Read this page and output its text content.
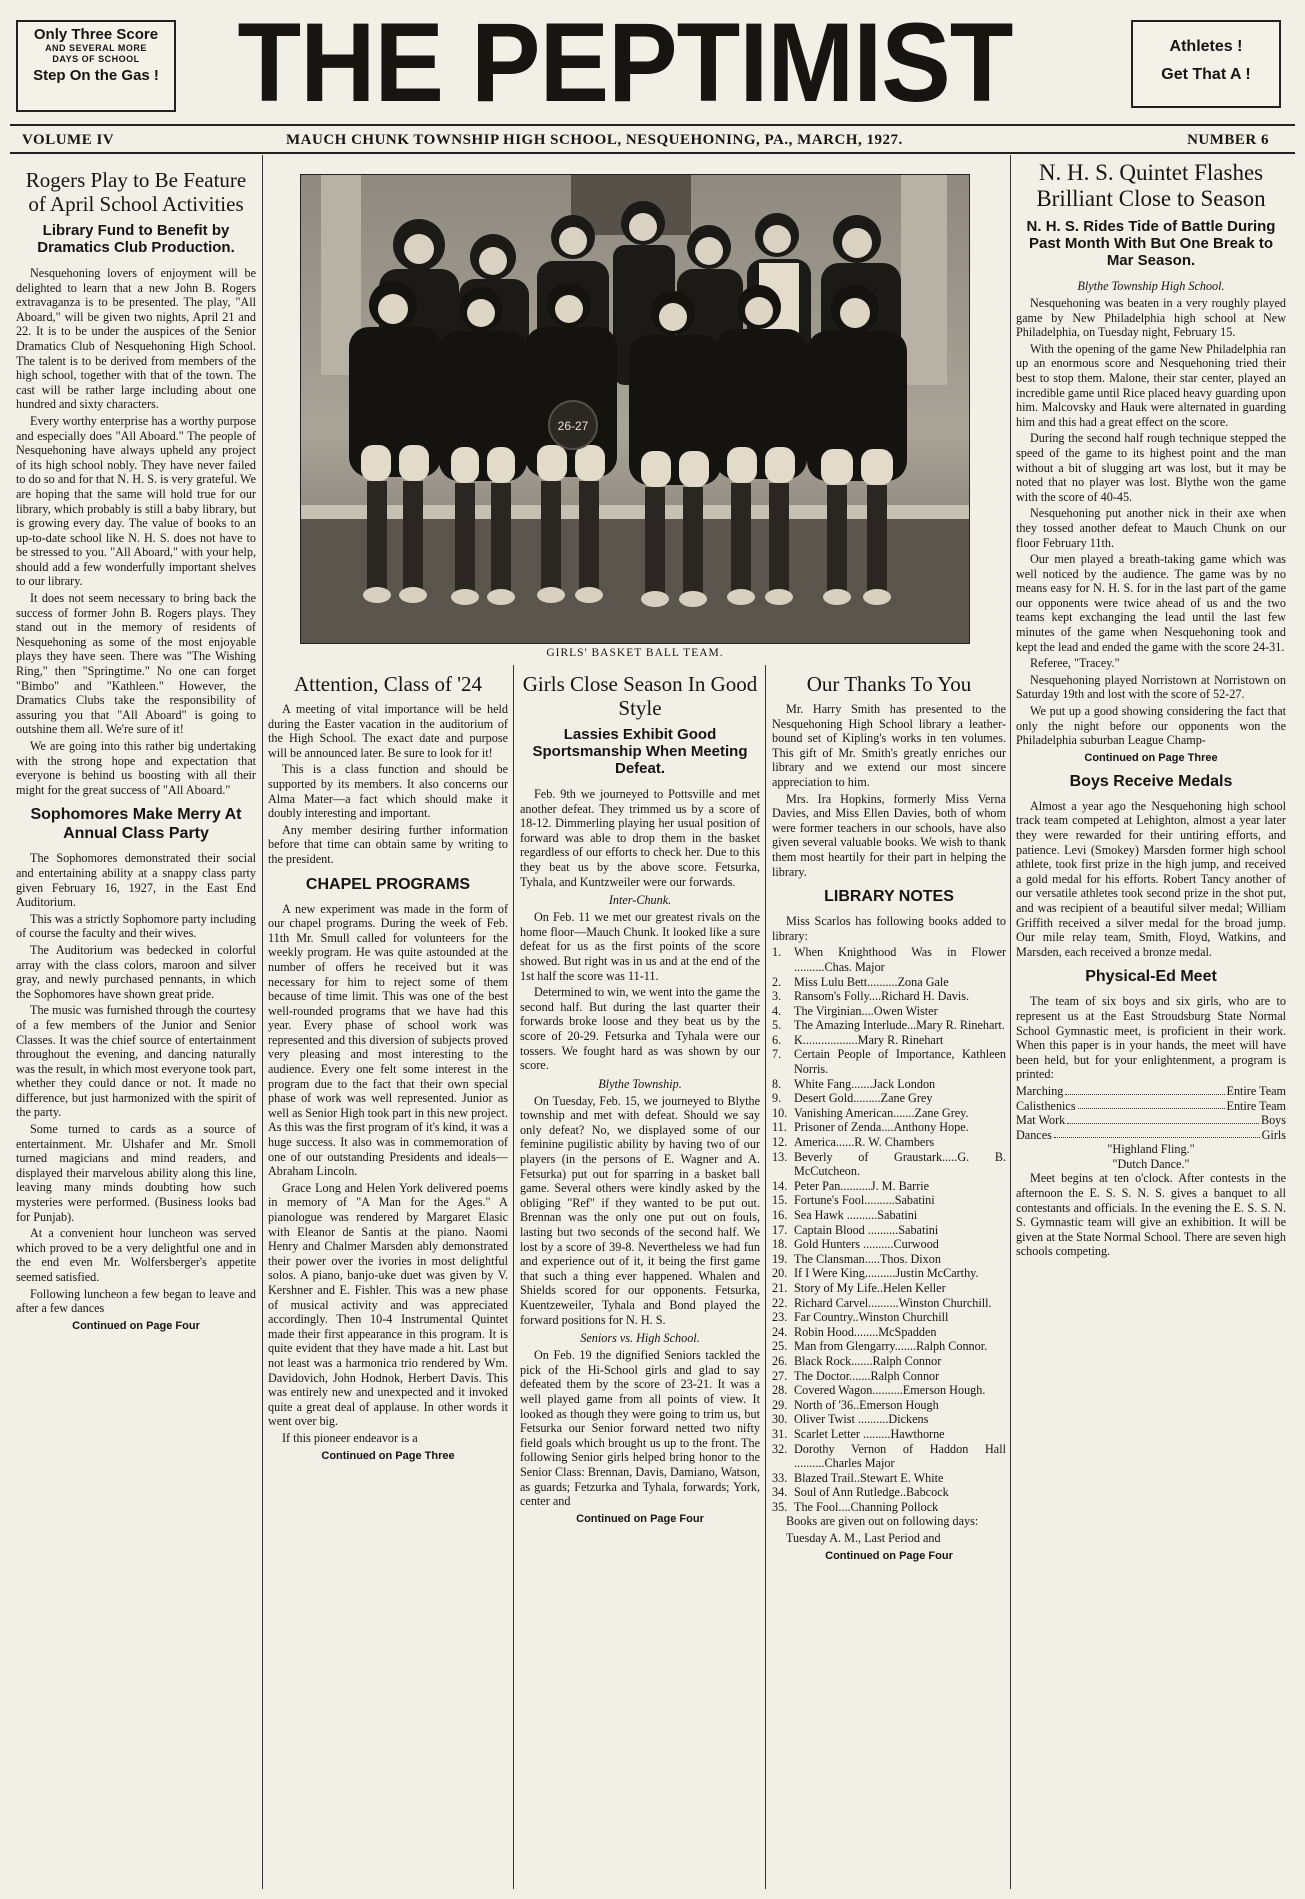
Only Three Score
AND SEVERAL MORE
DAYS OF SCHOOL
Step On the Gas ! THE PEPTIMIST	Athletes !
Get That A !
VOLUME IV	MAUCH CHUNK TOWNSHIP HIGH SCHOOL, NESQUEHONING, PA., MARCH, 1927.	NUMBER 6
26-27
GIRLS' BASKET BALL TEAM.
Rogers Play to Be Feature of April School Activities
Library Fund to Benefit by Dramatics Club Production.

Nesquehoning lovers of enjoyment will be delighted to learn that a new John B. Rogers extravaganza is to be presented. The play, "All Aboard," will be given two nights, April 21 and 22. It is to be under the auspices of the Senior Dramatics Club of Nesquehoning High School. The talent is to be derived from members of the high school, together with that of the town. The cast will be rather large including about one hundred and sixty characters.

Every worthy enterprise has a worthy purpose and especially does "All Aboard." The people of Nesquehoning have always upheld any project of its high school nobly. They have never failed to do so and for that N. H. S. is very grateful. We are hoping that the same will hold true for our library, which probably is still a baby library, but is growing every day. The value of books to an up-to-date school like N. H. S. does not have to be stressed to you. "All Aboard," with your help, should add a few wonderfully important shelves to our library.

It does not seem necessary to bring back the success of former John B. Rogers plays. They stand out in the memory of residents of Nesquehoning as some of the most enjoyable plays they have seen. There was "The Wishing Ring," then "Springtime." No one can forget "Bimbo" and "Kathleen." However, the Dramatics Clubs take the responsibility of assuring you that "All Aboard" is going to outshine them all. We're sure of it!

We are going into this rather big undertaking with the strong hope and expectation that everyone is behind us boosting with all their might for the great success of "All Aboard."

Sophomores Make Merry At Annual Class Party

The Sophomores demonstrated their social and entertaining ability at a snappy class party given February 16, 1927, in the East End Auditorium.

This was a strictly Sophomore party including of course the faculty and their wives.

The Auditorium was bedecked in colorful array with the class colors, maroon and silver gray, and newly purchased pennants, in which the Sophomores have shown great pride.

The music was furnished through the courtesy of a few members of the Junior and Senior Classes. It was the chief source of entertainment throughout the evening, and dancing naturally was the result, in which most everyone took part, whether they could dance or not. It made no difference, but just harmonized with the spirit of the party.

Some turned to cards as a source of entertainment. Mr. Ulshafer and Mr. Smoll turned magicians and mind readers, and displayed their marvelous ability along this line, leaving many minds doubting how such mysteries were performed. (Business looks bad for Punjab).

At a convenient hour luncheon was served which proved to be a very delightful one and in the end even Mr. Wolfersberger's appetite seemed satisfied.

Following luncheon a few began to leave and after a few dances

Continued on Page Four
Attention, Class of '24

A meeting of vital importance will be held during the Easter vacation in the auditorium of the High School. The exact date and purpose will be announced later. Be sure to look for it!

This is a class function and should be supported by its members. It also concerns our Alma Mater—a fact which should make it doubly interesting and important.

Any member desiring further information before that time can obtain same by writing to the president.

CHAPEL PROGRAMS

A new experiment was made in the form of our chapel programs. During the week of Feb. 11th Mr. Smull called for volunteers for the weekly program. He was quite astounded at the number of offers he received but it was necessary for him to reject some of them because of time limit. This was one of the best well-rounded programs that we have had this year. Every phase of school work was represented and this diversion of subjects proved very pleasing and most interesting to the audience. Every one felt some interest in the program due to the fact that their own special phase of work was well represented. Junior as well as Senior High took part in this new project. As this was the first program of it's kind, it was a huge success. It also was in commemoration of one of our outstanding Presidents and ideals—Abraham Lincoln.

Grace Long and Helen York delivered poems in memory of "A Man for the Ages." A pianologue was rendered by Margaret Elasic with Eleanor de Santis at the piano. Naomi Henry and Chalmer Marsden ably demonstrated their power over the ivories in most delightful solos. A piano, banjo-uke duet was given by V. Kershner and E. Fishler. This was a new phase of musical activity and was appreciated accordingly. Then 10-4 Instrumental Quintet made their first appearance in this program. It is quite evident that they have made a hit. Last but not least was a harmonica trio rendered by Wm. Davidovich, John Hodnok, Herbert Davis. This was entirely new and unexpected and it invoked quite a great deal of applause. In other words it went over big.

If this pioneer endeavor is a

Continued on Page Three
Girls Close Season In Good Style
Lassies Exhibit Good Sportsmanship When Meeting Defeat.

Feb. 9th we journeyed to Pottsville and met another defeat. They trimmed us by a score of 18-12. Dimmerling playing her usual position of forward was able to drop them in the basket regardless of our efforts to check her. Due to this they beat us by the above score. Fetsurka, Tyhala, and Kuntzweiler were our forwards.

Inter-Chunk.

On Feb. 11 we met our greatest rivals on the home floor—Mauch Chunk. It looked like a sure defeat for us as the first points of the score showed. But right was in us and at the end of the 1st half the score was 11-11.

Determined to win, we went into the game the second half. But during the last quarter their forwards broke loose and they beat us by the score of 20-29. Fetsurka and Tyhala were our tossers. We fought hard as was shown by our score.

Blythe Township.

On Tuesday, Feb. 15, we journeyed to Blythe township and met with defeat. Should we say only defeat? No, we displayed some of our feminine pugilistic ability by having two of our players (in the persons of E. Wagner and A. Fetsurka) put out for sparring in a basket ball game. Several others were kindly asked by the obliging "Ref" if they wanted to be put out. Brennan was the only one put out on fouls, lasting but two seconds of the second half. We lost by a score of 39-8. Nevertheless we had fun and experience out of it, it being the first game that such a thing ever happened. Whalen and Shields scored for our opponents. Fetsurka, Kuentzeweiler, Tyhala and Bond played the forward positions for N. H. S.

Seniors vs. High School.

On Feb. 19 the dignified Seniors tackled the pick of the Hi-School girls and glad to say defeated them by the score of 23-21. It was a well played game from all points of view. It looked as though they were going to trim us, but Fetsurka our Senior forward netted two nifty field goals which brought us up to the front. The following Senior girls helped bring honor to the Senior Class: Brennan, Davis, Damiano, Watson, as guards; Fetzurka and Tyhala, forwards; York, center and

Continued on Page Four
Our Thanks To You

Mr. Harry Smith has presented to the Nesquehoning High School library a leather-bound set of Kipling's works in ten volumes. This gift of Mr. Smith's greatly enriches our library and we extend our most sincere appreciation to him.

Mrs. Ira Hopkins, formerly Miss Verna Davies, and Miss Ellen Davies, both of whom were former teachers in our schools, have also given several valuable books. We wish to thank them most heartily for their part in helping the library.

LIBRARY NOTES

Miss Scarlos has following books added to library:

1. When Knighthood Was in Flower ..........Chas. Major

2. Miss Lulu Bett..........Zona Gale

3. Ransom's Folly....Richard H. Davis.

4. The Virginian....Owen Wister

5. The Amazing Interlude...Mary R. Rinehart.

6. K..................Mary R. Rinehart

7. Certain People of Importance, Kathleen Norris.

8. White Fang.......Jack London

9. Desert Gold.........Zane Grey

10. Vanishing American.......Zane Grey.

11. Prisoner of Zenda....Anthony Hope.

12. America......R. W. Chambers

13. Beverly of Graustark.....G. B. McCutcheon.

14. Peter Pan..........J. M. Barrie

15. Fortune's Fool..........Sabatini

16. Sea Hawk ..........Sabatini

17. Captain Blood ..........Sabatini

18. Gold Hunters ..........Curwood

19. The Clansman.....Thos. Dixon

20. If I Were King..........Justin McCarthy.

21. Story of My Life..Helen Keller

22. Richard Carvel..........Winston Churchill.

23. Far Country..Winston Churchill

24. Robin Hood........McSpadden

25. Man from Glengarry.......Ralph Connor.

26. Black Rock.......Ralph Connor

27. The Doctor.......Ralph Connor

28. Covered Wagon..........Emerson Hough.

29. North of '36..Emerson Hough

30. Oliver Twist ..........Dickens

31. Scarlet Letter .........Hawthorne

32. Dorothy Vernon of Haddon Hall ..........Charles Major

33. Blazed Trail..Stewart E. White

34. Soul of Ann Rutledge..Babcock

35. The Fool....Channing Pollock

Books are given out on following days:

Tuesday A. M., Last Period and

Continued on Page Four
N. H. S. Quintet Flashes Brilliant Close to Season
N. H. S. Rides Tide of Battle During Past Month With But One Break to Mar Season.
Blythe Township High School.

Nesquehoning was beaten in a very roughly played game by New Philadelphia high school at New Philadelphia, on Tuesday night, February 15.

With the opening of the game New Philadelphia ran up an enormous score and Nesquehoning tried their best to stop them. Malone, their star center, played an incredible game until Rice placed heavy guarding upon him. Malcovsky and Hauk were alternated in guarding him and this had a great effect on the score.

During the second half rough technique stepped the speed of the game to its highest point and the man without a bit of slugging art was lost, but it may be noted that no player was lost. Blythe won the game with the score of 40-45.

Nesquehoning put another nick in their axe when they tossed another defeat to Mauch Chunk on our floor February 11th.

Our men played a breath-taking game which was well noticed by the audience. The game was by no means easy for N. H. S. for in the last part of the game our opponents were twice ahead of us and the two teams kept exchanging the lead until the last few minutes of the game when Nesquehoning took and kept the lead and ended the game with the score 24-31.

Referee, "Tracey."

Nesquehoning played Norristown at Norristown on Saturday 19th and lost with the score of 52-27.

We put up a good showing considering the fact that only the night before our opponents won the Philadelphia suburban League Champ-

Continued on Page Three
Boys Receive Medals

Almost a year ago the Nesquehoning high school track team competed at Lehighton, almost a year later they were rewarded for their untiring efforts, and patience. Levi (Smokey) Marsden former high school athlete, took first prize in the high jump, and received a gold medal for his efforts. Robert Tancy another of our versatile athletes took second prize in the shot put, and was recipient of a beautiful silver medal; William Griffith received a silver medal for the broad jump. Our mile relay team, Smith, Floyd, Watkins, and Marsden, each received a bronze medal.

Physical-Ed Meet

The team of six boys and six girls, who are to represent us at the East Stroudsburg State Normal School Gymnastic meet, is proficient in their work. When this paper is in your hands, the meet will have been held, but for your enlightenment, a program is printed:

Marching	Entire Team
Calisthenics	Entire Team
Mat Work	Boys
Dances	Girls
"Highland Fling."
"Dutch Dance."

Meet begins at ten o'clock. After contests in the afternoon the E. S. S. N. S. gives a banquet to all contestants and officials. In the evening the E. S. S. N. S. Gymnastic team will give an exhibition. It will be given at the State Normal School. There are seven high schools competing.
